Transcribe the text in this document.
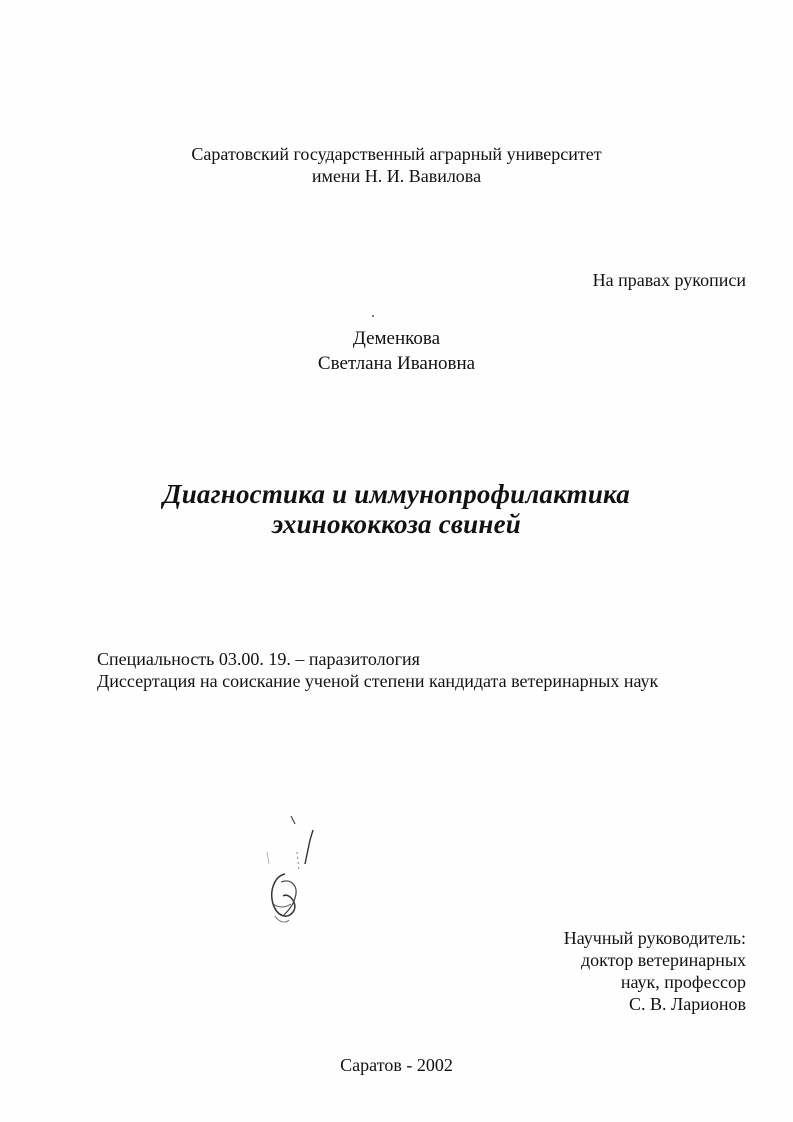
Саратовский государственный аграрный университет
имени Н. И. Вавилова
На правах рукописи
Деменкова
Светлана Ивановна
Диагностика и иммунопрофилактика
эхинококкоза свиней
Специальность 03.00. 19. – паразитология
Диссертация на соискание ученой степени кандидата ветеринарных наук
Научный руководитель:
доктор ветеринарных
наук, профессор
С. В. Ларионов
Саратов - 2002
